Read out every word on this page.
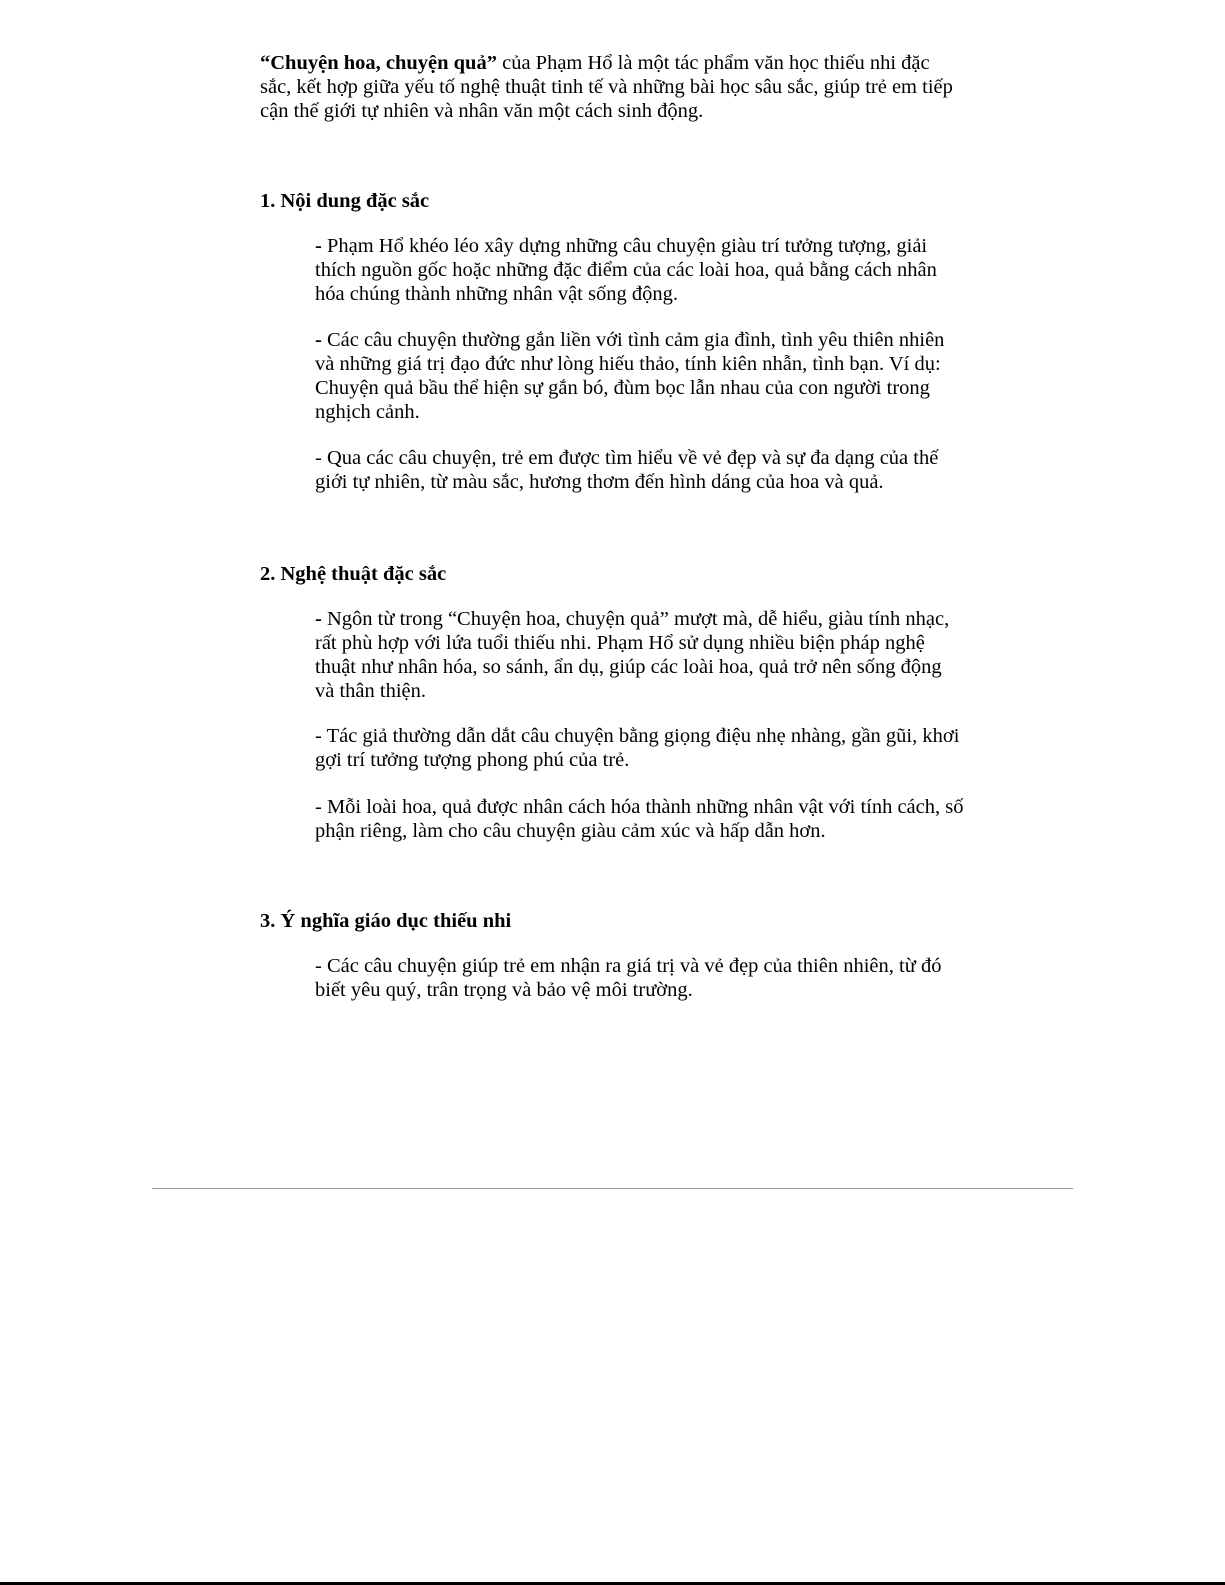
“Chuyện hoa, chuyện quả” của Phạm Hổ là một tác phẩm văn học thiếu nhi đặc sắc, kết hợp giữa yếu tố nghệ thuật tinh tế và những bài học sâu sắc, giúp trẻ em tiếp cận thế giới tự nhiên và nhân văn một cách sinh động.

1. Nội dung đặc sắc

- Phạm Hổ khéo léo xây dựng những câu chuyện giàu trí tưởng tượng, giải thích nguồn gốc hoặc những đặc điểm của các loài hoa, quả bằng cách nhân hóa chúng thành những nhân vật sống động.

- Các câu chuyện thường gắn liền với tình cảm gia đình, tình yêu thiên nhiên và những giá trị đạo đức như lòng hiếu thảo, tính kiên nhẫn, tình bạn. Ví dụ: Chuyện quả bầu thể hiện sự gắn bó, đùm bọc lẫn nhau của con người trong nghịch cảnh.

- Qua các câu chuyện, trẻ em được tìm hiểu về vẻ đẹp và sự đa dạng của thế giới tự nhiên, từ màu sắc, hương thơm đến hình dáng của hoa và quả.

2. Nghệ thuật đặc sắc

- Ngôn từ trong “Chuyện hoa, chuyện quả” mượt mà, dễ hiểu, giàu tính nhạc, rất phù hợp với lứa tuổi thiếu nhi. Phạm Hổ sử dụng nhiều biện pháp nghệ thuật như nhân hóa, so sánh, ẩn dụ, giúp các loài hoa, quả trở nên sống động và thân thiện.

- Tác giả thường dẫn dắt câu chuyện bằng giọng điệu nhẹ nhàng, gần gũi, khơi gợi trí tưởng tượng phong phú của trẻ.

- Mỗi loài hoa, quả được nhân cách hóa thành những nhân vật với tính cách, số phận riêng, làm cho câu chuyện giàu cảm xúc và hấp dẫn hơn.

3. Ý nghĩa giáo dục thiếu nhi

- Các câu chuyện giúp trẻ em nhận ra giá trị và vẻ đẹp của thiên nhiên, từ đó biết yêu quý, trân trọng và bảo vệ môi trường.
